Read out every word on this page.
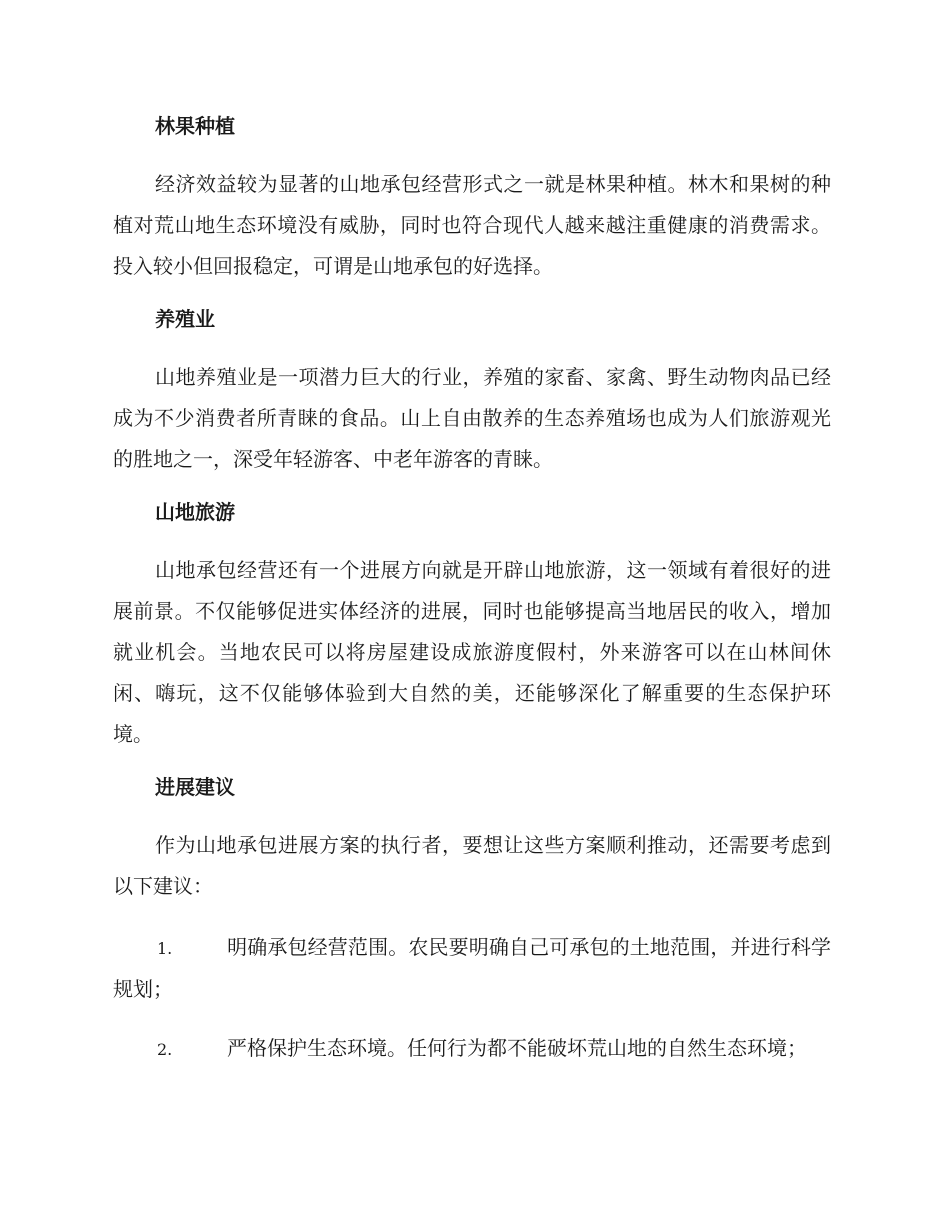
林果种植

经济效益较为显著的山地承包经营形式之一就是林果种植。林木和果树的种植对荒山地生态环境没有威胁，同时也符合现代人越来越注重健康的消费需求。投入较小但回报稳定，可谓是山地承包的好选择。

养殖业

山地养殖业是一项潜力巨大的行业，养殖的家畜、家禽、野生动物肉品已经成为不少消费者所青睐的食品。山上自由散养的生态养殖场也成为人们旅游观光的胜地之一，深受年轻游客、中老年游客的青睐。

山地旅游

山地承包经营还有一个进展方向就是开辟山地旅游，这一领域有着很好的进展前景。不仅能够促进实体经济的进展，同时也能够提高当地居民的收入，增加就业机会。当地农民可以将房屋建设成旅游度假村，外来游客可以在山林间休闲、嗨玩，这不仅能够体验到大自然的美，还能够深化了解重要的生态保护环境。

进展建议

作为山地承包进展方案的执行者，要想让这些方案顺利推动，还需要考虑到以下建议：

1.	明确承包经营范围。农民要明确自己可承包的土地范围，并进行科学规划；

2.	严格保护生态环境。任何行为都不能破坏荒山地的自然生态环境；
